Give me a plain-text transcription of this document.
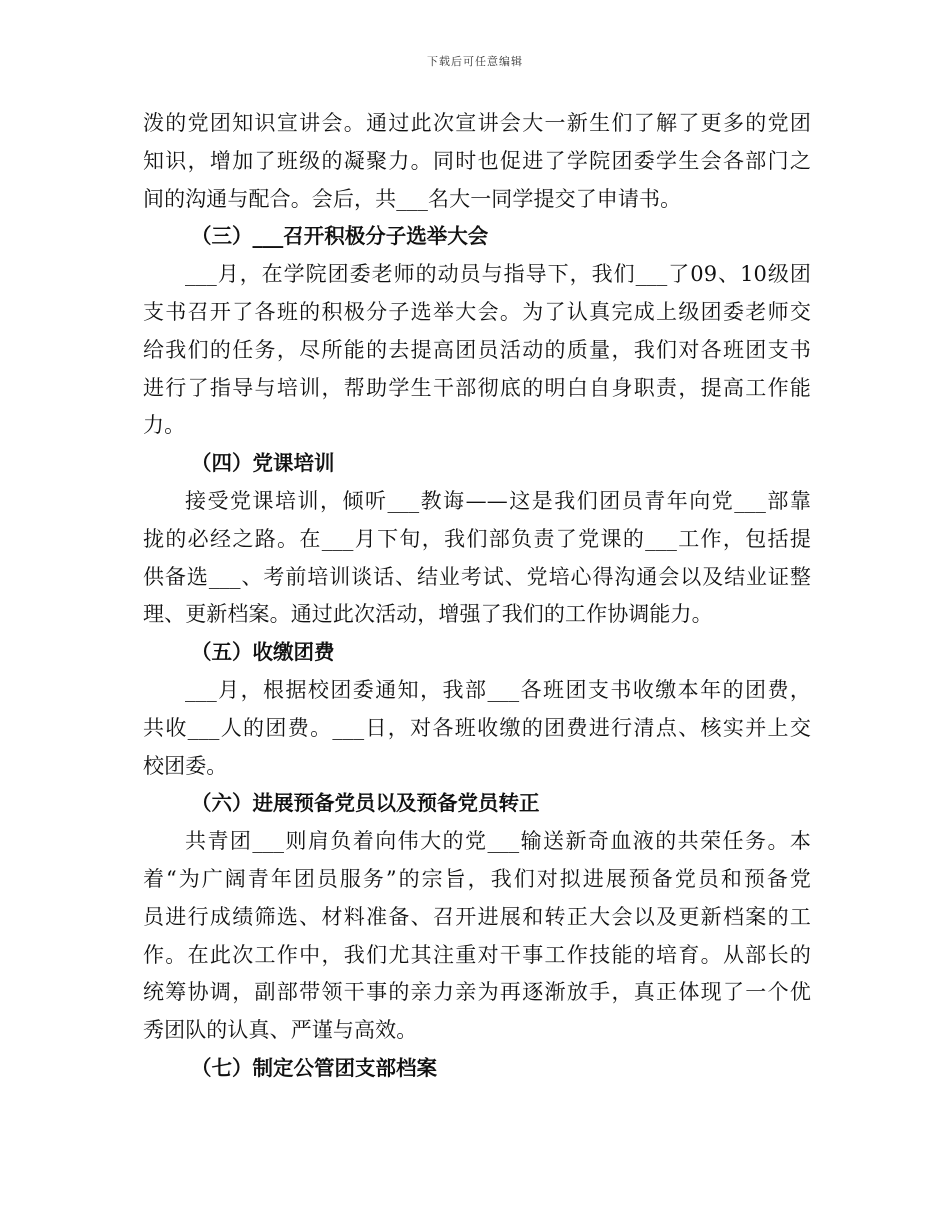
下载后可任意编辑
泼的党团知识宣讲会。通过此次宣讲会大一新生们了解了更多的党团
知识，增加了班级的凝聚力。同时也促进了学院团委学生会各部门之
间的沟通与配合。会后，共___名大一同学提交了申请书。
（三）___召开积极分子选举大会
___月，在学院团委老师的动员与指导下，我们___了09、10级团
支书召开了各班的积极分子选举大会。为了认真完成上级团委老师交
给我们的任务，尽所能的去提高团员活动的质量，我们对各班团支书
进行了指导与培训，帮助学生干部彻底的明白自身职责，提高工作能
力。
（四）党课培训
接受党课培训，倾听___教诲——这是我们团员青年向党___部靠
拢的必经之路。在___月下旬，我们部负责了党课的___工作，包括提
供备选___、考前培训谈话、结业考试、党培心得沟通会以及结业证整
理、更新档案。通过此次活动，增强了我们的工作协调能力。
（五）收缴团费
___月，根据校团委通知，我部___各班团支书收缴本年的团费，
共收___人的团费。___日，对各班收缴的团费进行清点、核实并上交
校团委。
（六）进展预备党员以及预备党员转正
共青团___则肩负着向伟大的党___输送新奇血液的共荣任务。本
着“为广阔青年团员服务”的宗旨，我们对拟进展预备党员和预备党
员进行成绩筛选、材料准备、召开进展和转正大会以及更新档案的工
作。在此次工作中，我们尤其注重对干事工作技能的培育。从部长的
统筹协调，副部带领干事的亲力亲为再逐渐放手，真正体现了一个优
秀团队的认真、严谨与高效。
（七）制定公管团支部档案
